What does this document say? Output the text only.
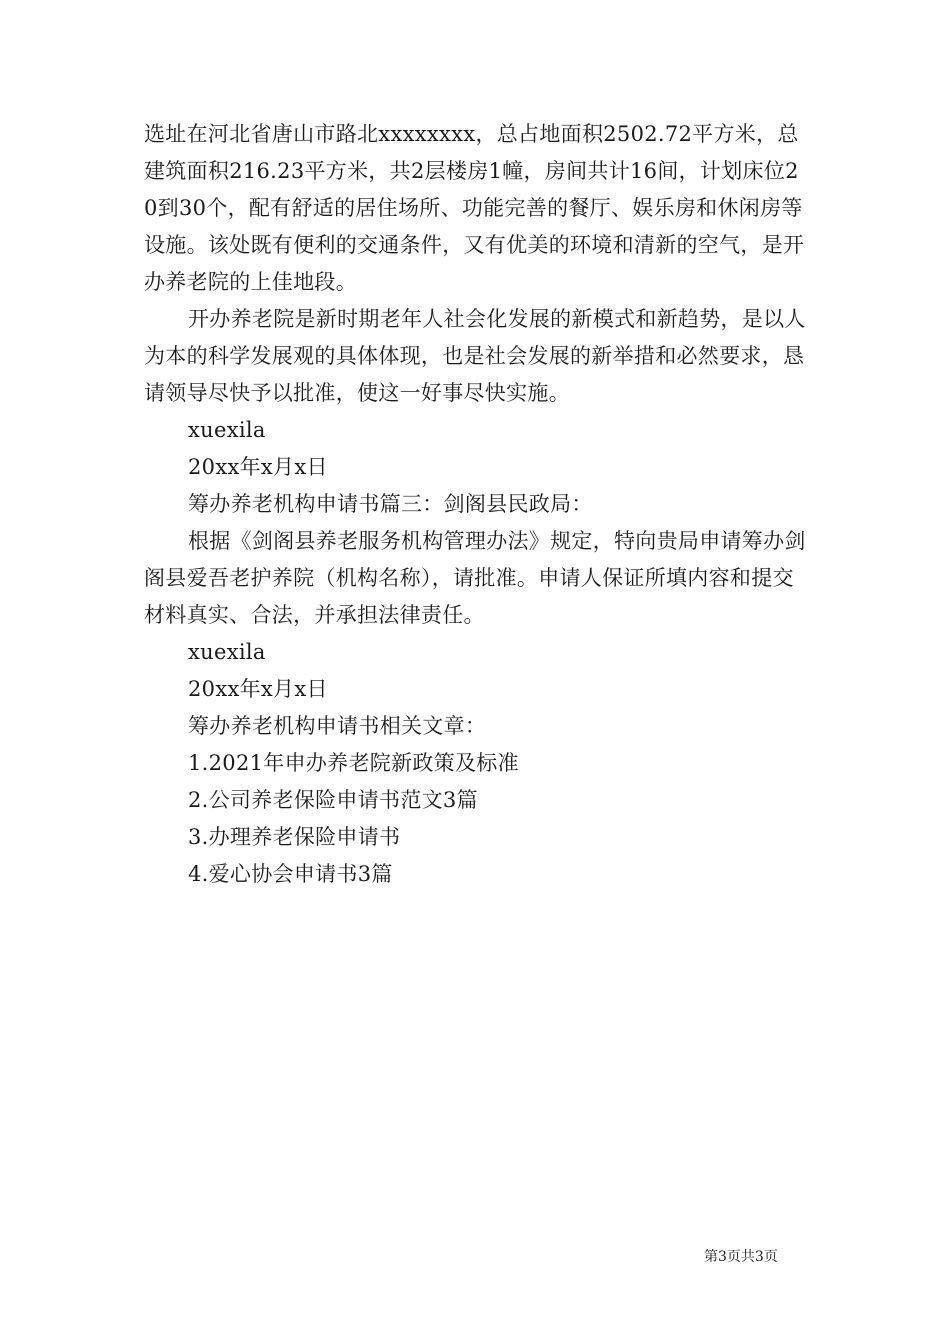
选址在河北省唐山市路北xxxxxxxx，总占地面积2502.72平方米，总建筑面积216.23平方米，共2层楼房1幢，房间共计16间，计划床位20到30个，配有舒适的居住场所、功能完善的餐厅、娱乐房和休闲房等设施。该处既有便利的交通条件，又有优美的环境和清新的空气，是开办养老院的上佳地段。

开办养老院是新时期老年人社会化发展的新模式和新趋势，是以人为本的科学发展观的具体体现，也是社会发展的新举措和必然要求，恳请领导尽快予以批准，使这一好事尽快实施。

xuexila

20xx年x月x日

筹办养老机构申请书篇三：剑阁县民政局：

根据《剑阁县养老服务机构管理办法》规定，特向贵局申请筹办剑阁县爱吾老护养院（机构名称），请批准。申请人保证所填内容和提交材料真实、合法，并承担法律责任。

xuexila

20xx年x月x日

筹办养老机构申请书相关文章：

1.2021年申办养老院新政策及标准

2.公司养老保险申请书范文3篇

3.办理养老保险申请书

4.爱心协会申请书3篇

第3页共3页
